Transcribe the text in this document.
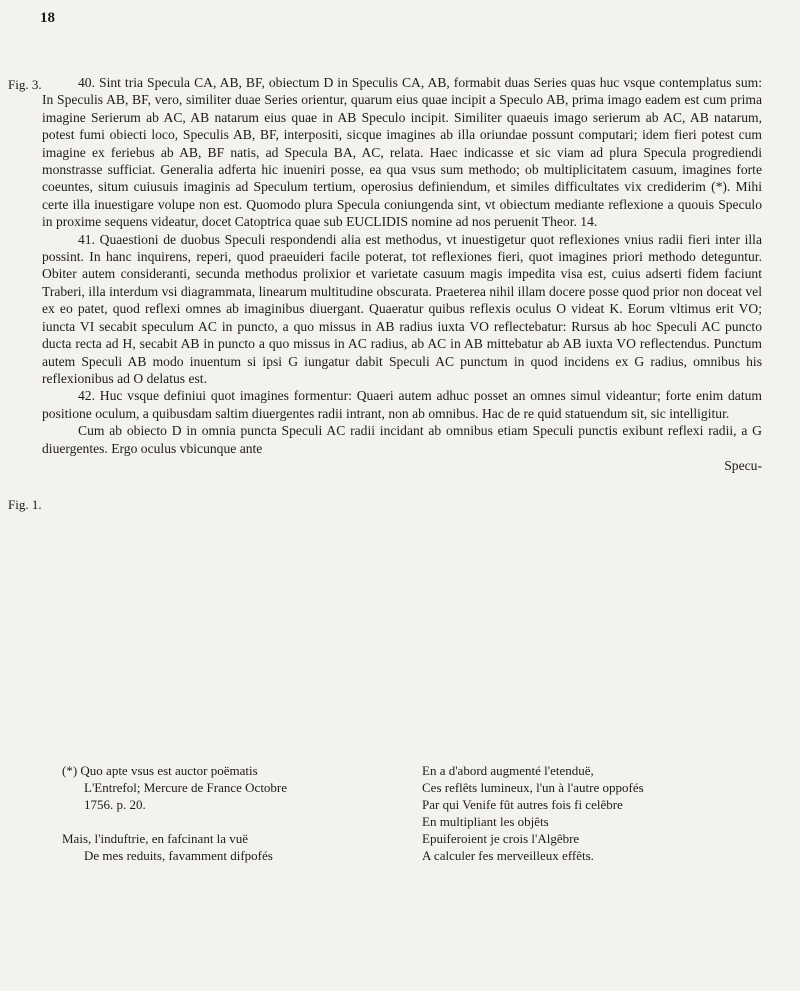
18
Fig. 3.
Fig. 1.

40. Sint tria Specula CA, AB, BF, obiectum D in Speculis CA, AB, formabit duas Series quas huc vsque contemplatus sum: In Speculis AB, BF, vero, similiter duae Series orientur, quarum eius quae incipit a Speculo AB, prima imago eadem est cum prima imagine Serierum ab AC, AB natarum eius quae in AB Speculo incipit. Similiter quaeuis imago serierum ab AC, AB natarum, potest fumi obiecti loco, Speculis AB, BF, interpositi, sicque imagines ab illa oriundae possunt computari; idem fieri potest cum imagine ex feriebus ab AB, BF natis, ad Specula BA, AC, relata. Haec indicasse et sic viam ad plura Specula progrediendi monstrasse sufficiat. Generalia adferta hic inueniri posse, ea qua vsus sum methodo; ob multiplicitatem casuum, imagines forte coeuntes, situm cuiusuis imaginis ad Speculum tertium, operosius definiendum, et similes difficultates vix crediderim (*). Mihi certe illa inuestigare volupe non est. Quomodo plura Specula coniungenda sint, vt obiectum mediante reflexione a quouis Speculo in proxime sequens videatur, docet Catoptrica quae sub EUCLIDIS nomine ad nos peruenit Theor. 14.

41. Quaestioni de duobus Speculi respondendi alia est methodus, vt inuestigetur quot reflexiones vnius radii fieri inter illa possint. In hanc inquirens, reperi, quod praeuideri facile poterat, tot reflexiones fieri, quot imagines priori methodo deteguntur. Obiter autem consideranti, secunda methodus prolixior et varietate casuum magis impedita visa est, cuius adserti fidem faciunt Traberi, illa interdum vsi diagrammata, linearum multitudine obscurata. Praeterea nihil illam docere posse quod prior non doceat vel ex eo patet, quod reflexi omnes ab imaginibus diuergant. Quaeratur quibus reflexis oculus O videat K. Eorum vltimus erit VO; iuncta VI secabit speculum AC in puncto, a quo missus in AB radius iuxta VO reflectebatur: Rursus ab hoc Speculi AC puncto ducta recta ad H, secabit AB in puncto a quo missus in AC radius, ab AC in AB mittebatur ab AB iuxta VO reflectendus. Punctum autem Speculi AB modo inuentum si ipsi G iungatur dabit Speculi AC punctum in quod incidens ex G radius, omnibus his reflexionibus ad O delatus est.

42. Huc vsque definiui quot imagines formentur: Quaeri autem adhuc posset an omnes simul videantur; forte enim datum positione oculum, a quibusdam saltim diuergentes radii intrant, non ab omnibus. Hac de re quid statuendum sit, sic intelligitur.

Cum ab obiecto D in omnia puncta Speculi AC radii incidant ab omnibus etiam Speculi punctis exibunt reflexi radii, a G diuergentes. Ergo oculus vbicunque ante

Specu-

(*) Quo apte vsus est auctor poëmatis

L'Entrefol; Mercure de France Octobre

1756. p. 20.

Mais, l'induftrie, en fafcinant la vuë

De mes reduits, favamment difpofés

En a d'abord augmenté l'etenduë,

Ces reflêts lumineux, l'un à l'autre oppofés

Par qui Venife fût autres fois fi celêbre

En multipliant les objêts

Epuiferoient je crois l'Algêbre

A calculer fes merveilleux effêts.
